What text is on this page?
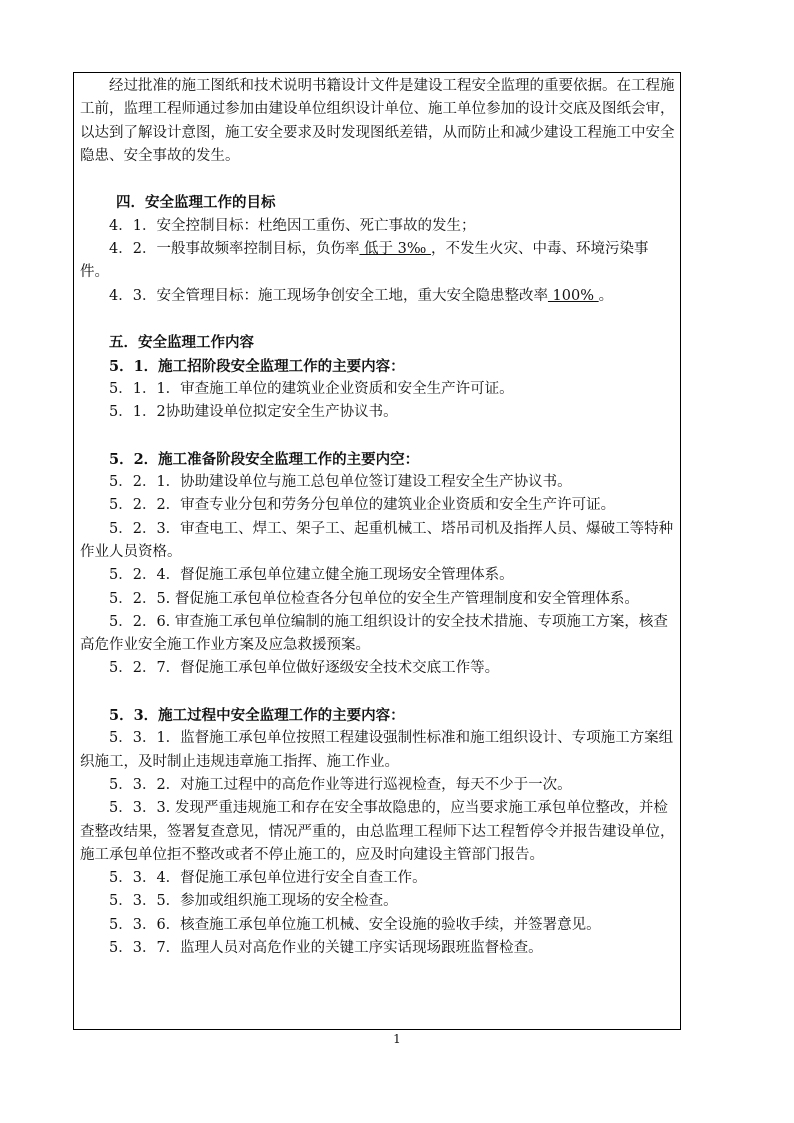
经过批准的施工图纸和技术说明书籍设计文件是建设工程安全监理的重要依据。在工程施工前，监理工程师通过参加由建设单位组织设计单位、施工单位参加的设计交底及图纸会审，以达到了解设计意图，施工安全要求及时发现图纸差错，从而防止和减少建设工程施工中安全隐患、安全事故的发生。

四．安全监理工作的目标

4．1．安全控制目标：杜绝因工重伤、死亡事故的发生；

4．2．一般事故频率控制目标，负伤率 低于 3‰ ，不发生火灾、中毒、环境污染事件。

4．3．安全管理目标：施工现场争创安全工地，重大安全隐患整改率 100% 。

五．安全监理工作内容

5．1．施工招阶段安全监理工作的主要内容：

5．1．1．审查施工单位的建筑业企业资质和安全生产许可证。

5．1．2协助建设单位拟定安全生产协议书。

5．2．施工准备阶段安全监理工作的主要内空：

5．2．1．协助建设单位与施工总包单位签订建设工程安全生产协议书。

5．2．2．审查专业分包和劳务分包单位的建筑业企业资质和安全生产许可证。

5．2．3．审查电工、焊工、架子工、起重机械工、塔吊司机及指挥人员、爆破工等特种作业人员资格。

5．2．4．督促施工承包单位建立健全施工现场安全管理体系。

5．2．5. 督促施工承包单位检查各分包单位的安全生产管理制度和安全管理体系。

5．2．6. 审查施工承包单位编制的施工组织设计的安全技术措施、专项施工方案，核查高危作业安全施工作业方案及应急救援预案。

5．2．7．督促施工承包单位做好逐级安全技术交底工作等。

5．3．施工过程中安全监理工作的主要内容：

5．3．1．监督施工承包单位按照工程建设强制性标准和施工组织设计、专项施工方案组织施工，及时制止违规违章施工指挥、施工作业。

5．3．2．对施工过程中的高危作业等进行巡视检查，每天不少于一次。

5．3．3. 发现严重违规施工和存在安全事故隐患的，应当要求施工承包单位整改，并检查整改结果，签署复查意见，情况严重的，由总监理工程师下达工程暂停令并报告建设单位，施工承包单位拒不整改或者不停止施工的，应及时向建设主管部门报告。

5．3．4．督促施工承包单位进行安全自查工作。

5．3．5．参加或组织施工现场的安全检查。

5．3．6．核查施工承包单位施工机械、安全设施的验收手续，并签署意见。

5．3．7．监理人员对高危作业的关键工序实话现场跟班监督检查。

1
